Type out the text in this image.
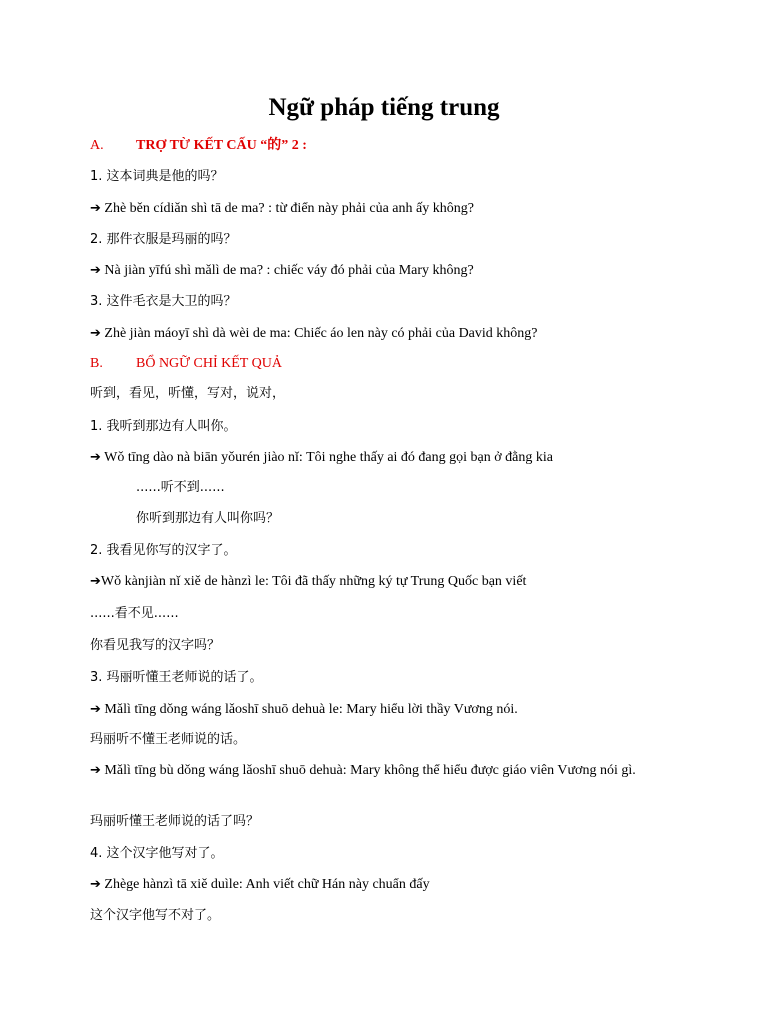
Ngữ pháp tiếng trung
A. TRỢ TỪ KẾT CẤU “的” 2 :
1. 这本词典是他的吗？
➔ Zhè běn cídiǎn shì tā de ma? : từ điển này phải của anh ấy không?
2. 那件衣服是玛丽的吗？
➔ Nà jiàn yīfú shì mǎlì de ma? : chiếc váy đó phải của Mary không?
3. 这件毛衣是大卫的吗？
➔ Zhè jiàn máoyī shì dà wèi de ma: Chiếc áo len này có phải của David không?
B. BỔ NGỮ CHỈ KẾT QUẢ
听到，看见，听懂，写对，说对，
1. 我听到那边有人叫你。
➔ Wǒ tīng dào nà biān yǒurén jiào nǐ: Tôi nghe thấy ai đó đang gọi bạn ở đằng kia
......听不到......
你听到那边有人叫你吗？
2. 我看见你写的汉字了。
➔Wǒ kànjiàn nǐ xiě de hànzì le: Tôi đã thấy những ký tự Trung Quốc bạn viết
......看不见......
你看见我写的汉字吗？
3. 玛丽听懂王老师说的话了。
➔ Mǎlì tīng dǒng wáng lǎoshī shuō dehuà le: Mary hiểu lời thầy Vương nói.
玛丽听不懂王老师说的话。
➔ Mǎlì tīng bù dǒng wáng lǎoshī shuō dehuà: Mary không thể hiểu được giáo viên Vương nói gì.
玛丽听懂王老师说的话了吗？
4. 这个汉字他写对了。
➔ Zhège hànzì tā xiě duìle: Anh viết chữ Hán này chuẩn đấy
这个汉字他写不对了。
